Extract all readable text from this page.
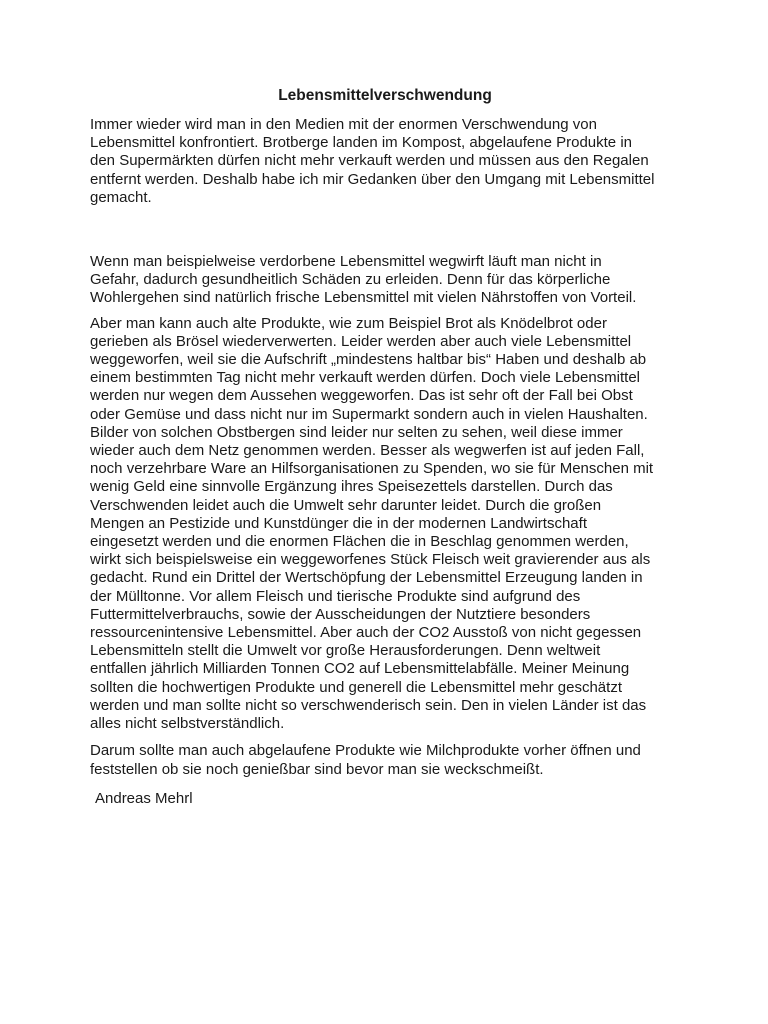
Lebensmittelverschwendung

Immer wieder wird man in den Medien mit der enormen Verschwendung von
Lebensmittel konfrontiert. Brotberge landen im Kompost, abgelaufene Produkte in
den Supermärkten dürfen nicht mehr verkauft werden und müssen aus den Regalen
entfernt werden. Deshalb habe ich mir Gedanken über den Umgang mit Lebensmittel
gemacht.

Wenn man beispielweise verdorbene Lebensmittel wegwirft läuft man nicht in
Gefahr, dadurch gesundheitlich Schäden zu erleiden. Denn für das körperliche
Wohlergehen sind natürlich frische Lebensmittel mit vielen Nährstoffen von Vorteil.

Aber man kann auch alte Produkte, wie zum Beispiel Brot als Knödelbrot oder
gerieben als Brösel wiederverwerten. Leider werden aber auch viele Lebensmittel
weggeworfen, weil sie die Aufschrift „mindestens haltbar bis“ Haben und deshalb ab
einem bestimmten Tag nicht mehr verkauft werden dürfen. Doch viele Lebensmittel
werden nur wegen dem Aussehen weggeworfen. Das ist sehr oft der Fall bei Obst
oder Gemüse und dass nicht nur im Supermarkt sondern auch in vielen Haushalten.
Bilder von solchen Obstbergen sind leider nur selten zu sehen, weil diese immer
wieder auch dem Netz genommen werden. Besser als wegwerfen ist auf jeden Fall,
noch verzehrbare Ware an Hilfsorganisationen zu Spenden, wo sie für Menschen mit
wenig Geld eine sinnvolle Ergänzung ihres Speisezettels darstellen. Durch das
Verschwenden leidet auch die Umwelt sehr darunter leidet. Durch die großen
Mengen an Pestizide und Kunstdünger die in der modernen Landwirtschaft
eingesetzt werden und die enormen Flächen die in Beschlag genommen werden,
wirkt sich beispielsweise ein weggeworfenes Stück Fleisch weit gravierender aus als
gedacht. Rund ein Drittel der Wertschöpfung der Lebensmittel Erzeugung landen in
der Mülltonne. Vor allem Fleisch und tierische Produkte sind aufgrund des
Futtermittelverbrauchs, sowie der Ausscheidungen der Nutztiere besonders
ressourcenintensive Lebensmittel. Aber auch der CO2 Ausstoß von nicht gegessen
Lebensmitteln stellt die Umwelt vor große Herausforderungen. Denn weltweit
entfallen jährlich Milliarden Tonnen CO2 auf Lebensmittelabfälle. Meiner Meinung
sollten die hochwertigen Produkte und generell die Lebensmittel mehr geschätzt
werden und man sollte nicht so verschwenderisch sein. Den in vielen Länder ist das
alles nicht selbstverständlich.

Darum sollte man auch abgelaufene Produkte wie Milchprodukte vorher öffnen und
feststellen ob sie noch genießbar sind bevor man sie weckschmeißt.

Andreas Mehrl
